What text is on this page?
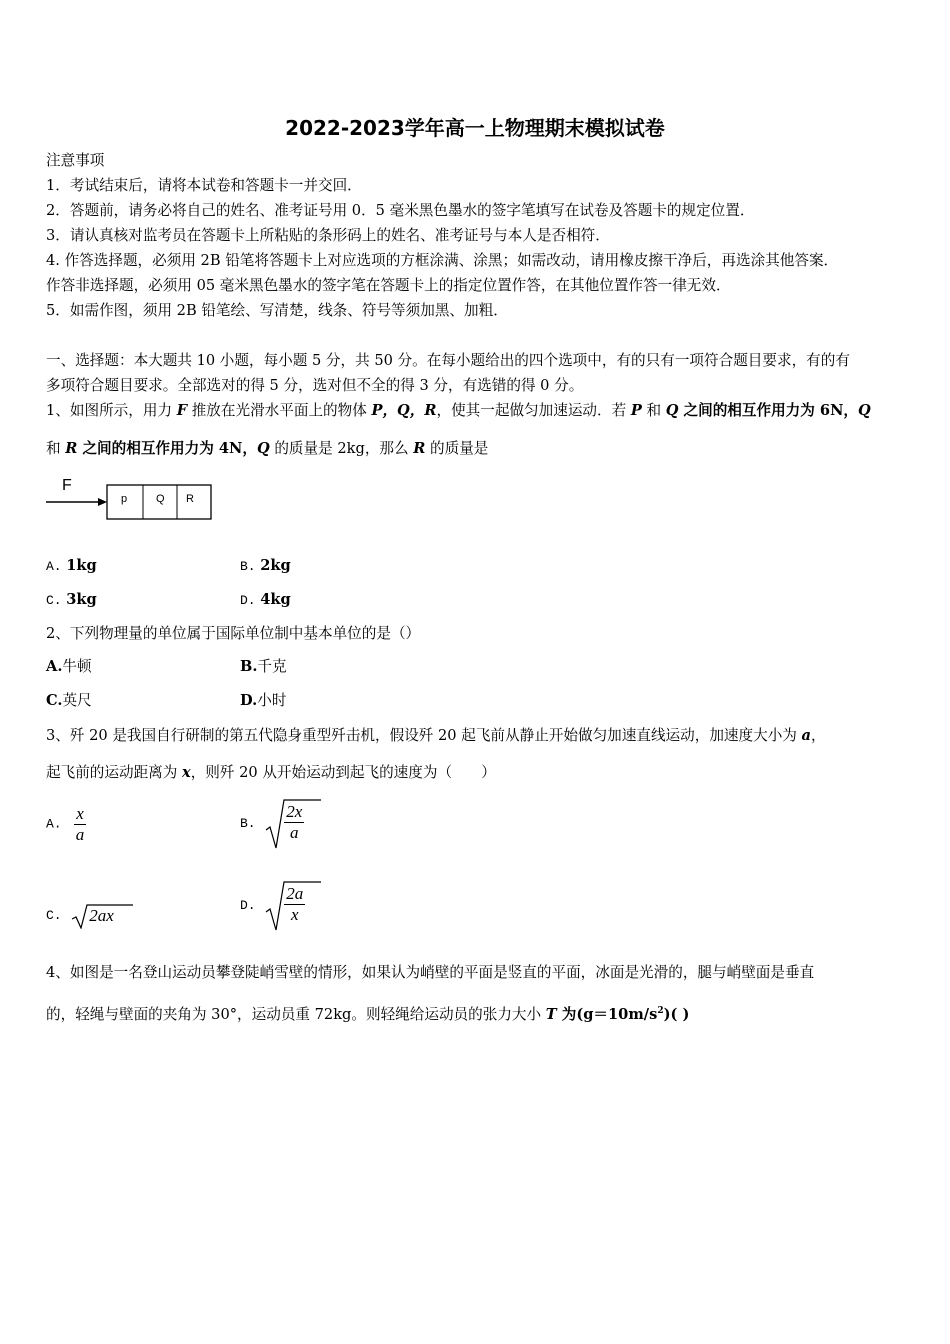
2022-2023学年高一上物理期末模拟试卷
注意事项
1．考试结束后，请将本试卷和答题卡一并交回．
2．答题前，请务必将自己的姓名、准考证号用 0．5 毫米黑色墨水的签字笔填写在试卷及答题卡的规定位置．
3．请认真核对监考员在答题卡上所粘贴的条形码上的姓名、准考证号与本人是否相符．
4. 作答选择题，必须用 2B 铅笔将答题卡上对应选项的方框涂满、涂黑；如需改动，请用橡皮擦干净后，再选涂其他答案．
作答非选择题，必须用 05 毫米黑色墨水的签字笔在答题卡上的指定位置作答，在其他位置作答一律无效．
5．如需作图，须用 2B 铅笔绘、写清楚，线条、符号等须加黑、加粗．
一、选择题：本大题共 10 小题，每小题 5 分，共 50 分。在每小题给出的四个选项中，有的只有一项符合题目要求，有的有
多项符合题目要求。全部选对的得 5 分，选对但不全的得 3 分，有选错的得 0 分。
1、如图所示，用力 F 推放在光滑水平面上的物体 P，Q，R，使其一起做匀加速运动．若 P 和 Q 之间的相互作用力为 6N，Q
和 R 之间的相互作用力为 4N，Q 的质量是 2kg，那么 R 的质量是
F
p	Q R
A. 1kg	B. 2kg
C. 3kg	D. 4kg
2、下列物理量的单位属于国际单位制中基本单位的是（）
A.牛顿	B.千克
C.英尺	D.小时
3、歼 20 是我国自行研制的第五代隐身重型歼击机，假设歼 20 起飞前从静止开始做匀加速直线运动，加速度大小为 a，
起飞前的运动距离为 x，则歼 20 从开始运动到起飞的速度为（　　）
A. $\frac{x}{a}$	B. $\frac{2x}{a}$
C. 2ax
D. $\frac{2a}{x}$
4、如图是一名登山运动员攀登陡峭雪壁的情形，如果认为峭壁的平面是竖直的平面，冰面是光滑的，腿与峭壁面是垂直
的，轻绳与壁面的夹角为 30°，运动员重 72kg。则轻绳给运动员的张力大小 T 为$(g=10m/s^2)$( )
